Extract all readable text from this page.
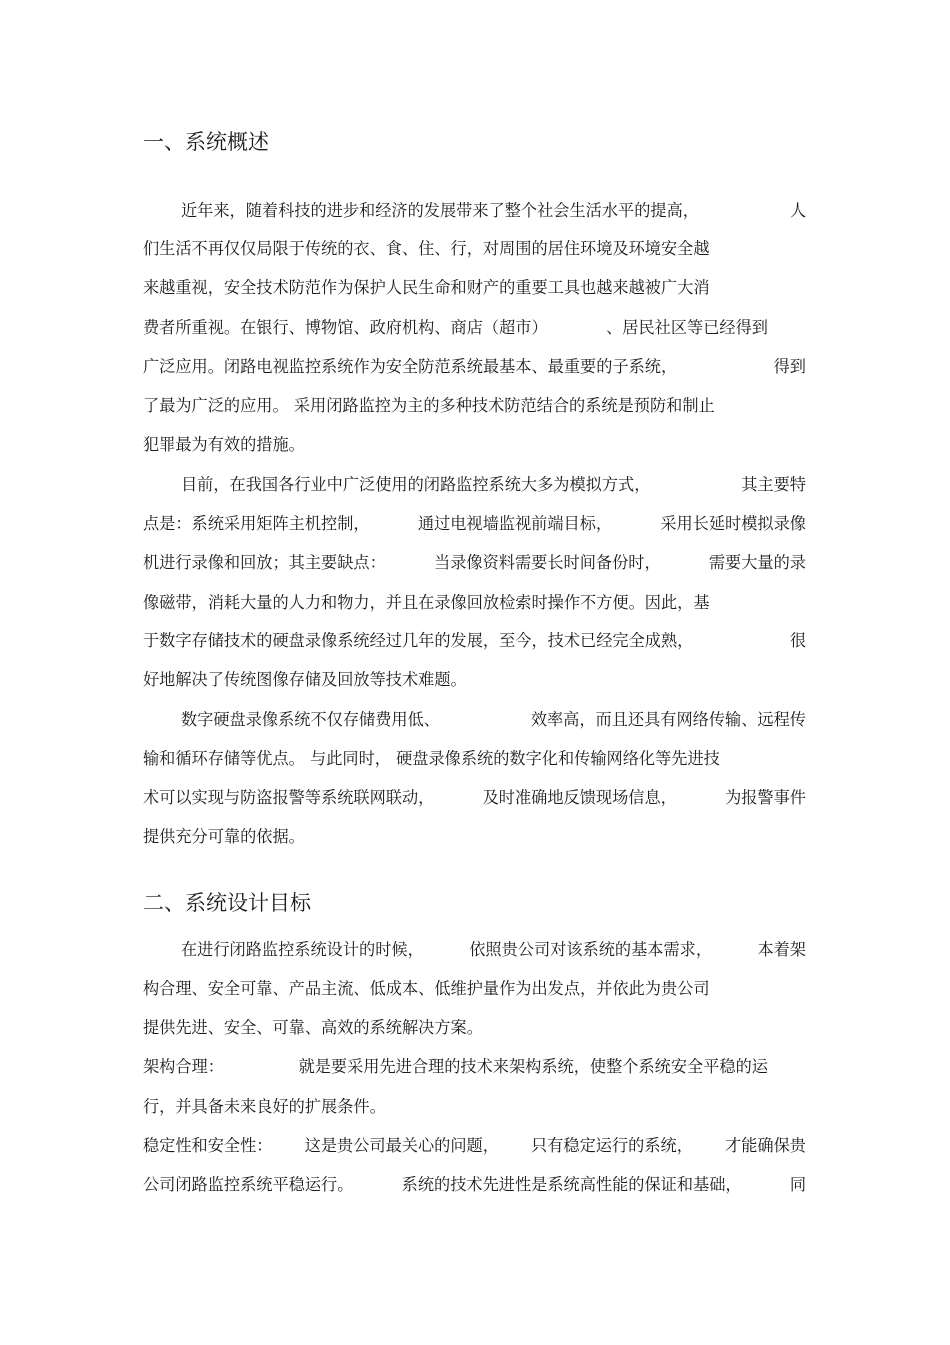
一、系统概述
近年来，随着科技的进步和经济的发展带来了整个社会生活水平的提高，	人
们生活不再仅仅局限于传统的衣、食、住、行，对周围的居住环境及环境安全越
来越重视，安全技术防范作为保护人民生命和财产的重要工具也越来越被广大消
费者所重视。在银行、博物馆、政府机构、商店（超市）	、居民社区等已经得到
广泛应用。闭路电视监控系统作为安全防范系统最基本、最重要的子系统，	得到
了最为广泛的应用。 采用闭路监控为主的多种技术防范结合的系统是预防和制止
犯罪最为有效的措施。
目前，在我国各行业中广泛使用的闭路监控系统大多为模拟方式，	其主要特
点是：系统采用矩阵主机控制，	通过电视墙监视前端目标，	采用长延时模拟录像
机进行录像和回放；其主要缺点：	当录像资料需要长时间备份时，	需要大量的录
像磁带，消耗大量的人力和物力，并且在录像回放检索时操作不方便。因此，基
于数字存储技术的硬盘录像系统经过几年的发展，至今，技术已经完全成熟，	很
好地解决了传统图像存储及回放等技术难题。
数字硬盘录像系统不仅存储费用低、	效率高，而且还具有网络传输、远程传
输和循环存储等优点。 与此同时， 硬盘录像系统的数字化和传输网络化等先进技
术可以实现与防盗报警等系统联网联动，	及时准确地反馈现场信息，	为报警事件
提供充分可靠的依据。
二、系统设计目标
在进行闭路监控系统设计的时候，	依照贵公司对该系统的基本需求，	本着架
构合理、安全可靠、产品主流、低成本、低维护量作为出发点，并依此为贵公司
提供先进、安全、可靠、高效的系统解决方案。
架构合理：	就是要采用先进合理的技术来架构系统，使整个系统安全平稳的运
行，并具备未来良好的扩展条件。
稳定性和安全性： 这是贵公司最关心的问题， 只有稳定运行的系统， 才能确保贵
公司闭路监控系统平稳运行。	系统的技术先进性是系统高性能的保证和基础，	同
